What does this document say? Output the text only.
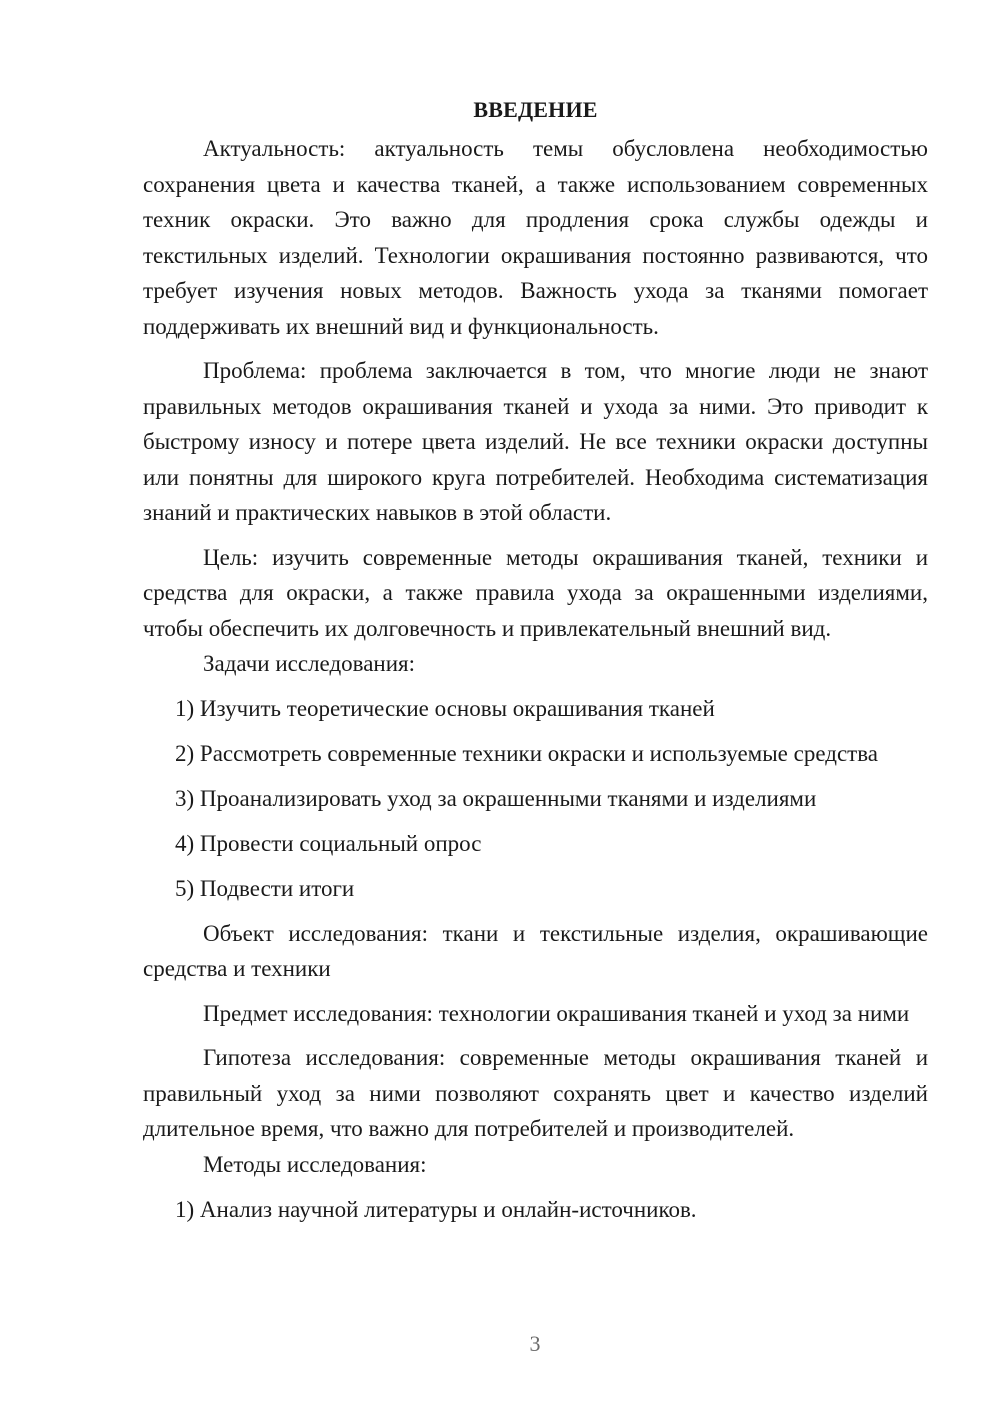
ВВЕДЕНИЕ

Актуальность: актуальность темы обусловлена необходимостью сохранения цвета и качества тканей, а также использованием современных техник окраски. Это важно для продления срока службы одежды и текстильных изделий. Технологии окрашивания постоянно развиваются, что требует изучения новых методов. Важность ухода за тканями помогает поддерживать их внешний вид и функциональность.

Проблема: проблема заключается в том, что многие люди не знают правильных методов окрашивания тканей и ухода за ними. Это приводит к быстрому износу и потере цвета изделий. Не все техники окраски доступны или понятны для широкого круга потребителей. Необходима систематизация знаний и практических навыков в этой области.

Цель: изучить современные методы окрашивания тканей, техники и средства для окраски, а также правила ухода за окрашенными изделиями, чтобы обеспечить их долговечность и привлекательный внешний вид.

Задачи исследования:

1) Изучить теоретические основы окрашивания тканей

2) Рассмотреть современные техники окраски и используемые средства

3) Проанализировать уход за окрашенными тканями и изделиями

4) Провести социальный опрос

5) Подвести итоги

Объект исследования: ткани и текстильные изделия, окрашивающие средства и техники

Предмет исследования: технологии окрашивания тканей и уход за ними

Гипотеза исследования: современные методы окрашивания тканей и правильный уход за ними позволяют сохранять цвет и качество изделий длительное время, что важно для потребителей и производителей.

Методы исследования:

1) Анализ научной литературы и онлайн-источников.

3
